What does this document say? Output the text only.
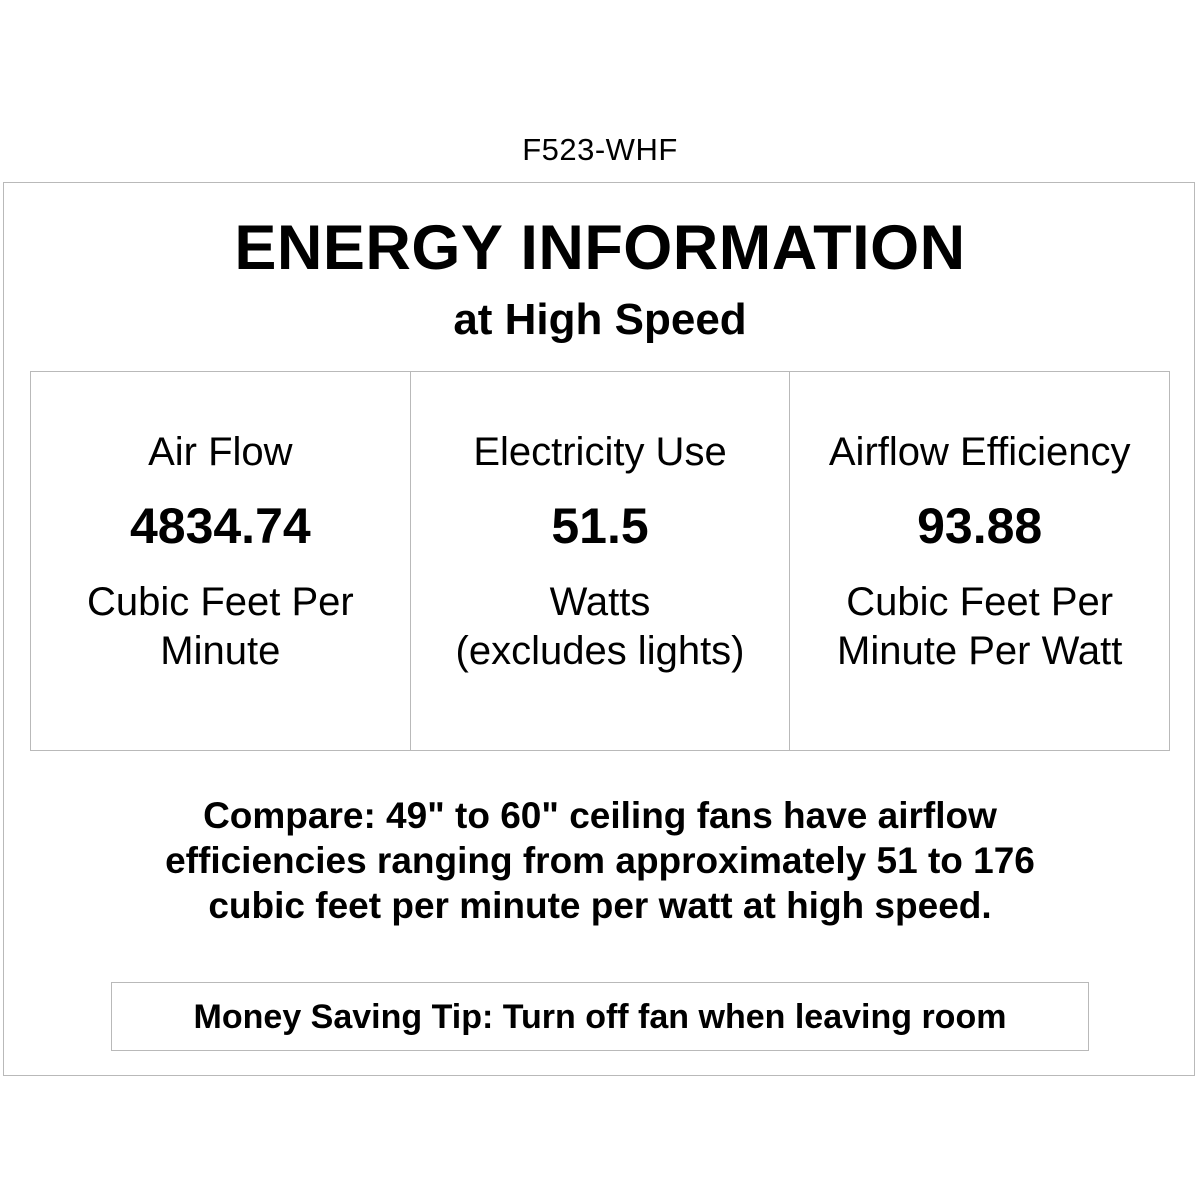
F523-WHF
ENERGY INFORMATION
at High Speed
Air Flow
4834.74
Cubic Feet Per
Minute
Electricity Use
51.5
Watts
(excludes lights)
Airflow Efficiency
93.88
Cubic Feet Per
Minute Per Watt
Compare: 49" to 60" ceiling fans have airflow
efficiencies ranging from approximately 51 to 176
cubic feet per minute per watt at high speed.
Money Saving Tip: Turn off fan when leaving room
